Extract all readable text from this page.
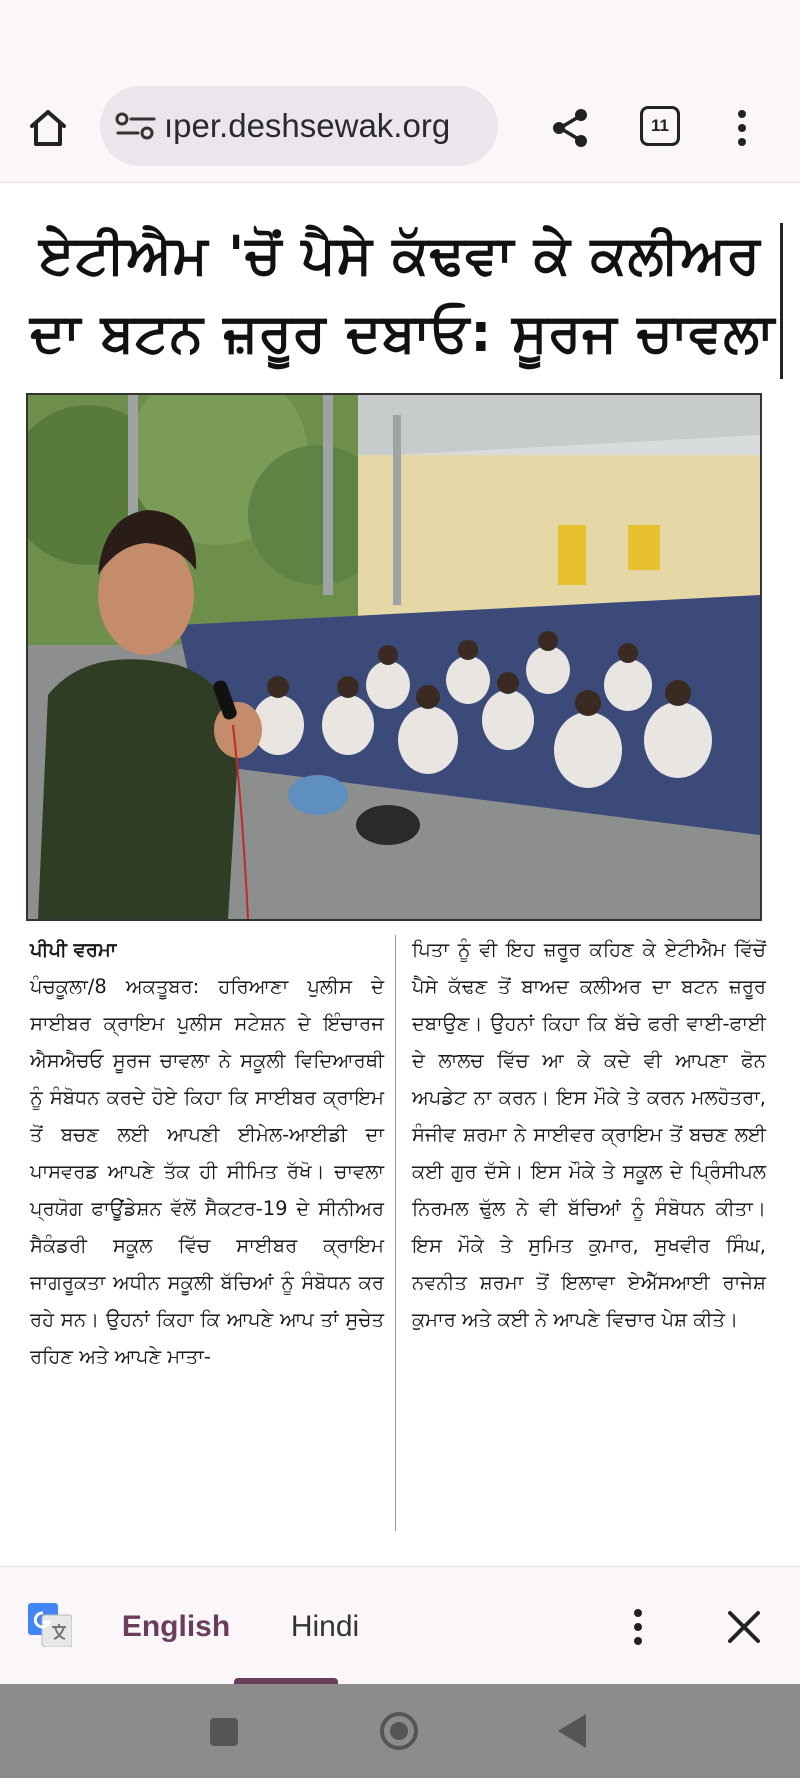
ıper.deshsewak.org	11
ਏਟੀਐਮ 'ਚੋਂ ਪੈਸੇ ਕੱਢਵਾ ਕੇ ਕਲੀਅਰ
ਦਾ ਬਟਨ ਜ਼ਰੂਰ ਦਬਾਓ: ਸੂਰਜ ਚਾਵਲਾ

ਪੀਪੀ ਵਰਮਾ

ਪੰਚਕੂਲਾ/8 ਅਕਤੂਬਰ: ਹਰਿਆਣਾ ਪੁਲੀਸ ਦੇ ਸਾਈਬਰ ਕ੍ਰਾਇਮ ਪੁਲੀਸ ਸਟੇਸ਼ਨ ਦੇ ਇੰਚਾਰਜ ਐਸਐਚਓ ਸੂਰਜ ਚਾਵਲਾ ਨੇ ਸਕੂਲੀ ਵਿਦਿਆਰਥੀ ਨੂੰ ਸੰਬੋਧਨ ਕਰਦੇ ਹੋਏ ਕਿਹਾ ਕਿ ਸਾਈਬਰ ਕ੍ਰਾਇਮ ਤੋਂ ਬਚਣ ਲਈ ਆਪਣੀ ਈਮੇਲ-ਆਈਡੀ ਦਾ ਪਾਸਵਰਡ ਆਪਣੇ ਤੱਕ ਹੀ ਸੀਮਿਤ ਰੱਖੋ। ਚਾਵਲਾ ਪ੍ਰਯੋਗ ਫਾਊਂਡੇਸ਼ਨ ਵੱਲੋਂ ਸੈਕਟਰ-19 ਦੇ ਸੀਨੀਅਰ ਸੈਕੰਡਰੀ ਸਕੂਲ ਵਿੱਚ ਸਾਈਬਰ ਕ੍ਰਾਇਮ ਜਾਗਰੂਕਤਾ ਅਧੀਨ ਸਕੂਲੀ ਬੱਚਿਆਂ ਨੂੰ ਸੰਬੋਧਨ ਕਰ ਰਹੇ ਸਨ। ਉਹਨਾਂ ਕਿਹਾ ਕਿ ਆਪਣੇ ਆਪ ਤਾਂ ਸੁਚੇਤ ਰਹਿਣ ਅਤੇ ਆਪਣੇ ਮਾਤਾ-

ਪਿਤਾ ਨੂੰ ਵੀ ਇਹ ਜ਼ਰੂਰ ਕਹਿਣ ਕੇ ਏਟੀਐਮ ਵਿੱਚੋਂ ਪੈਸੇ ਕੱਢਣ ਤੋਂ ਬਾਅਦ ਕਲੀਅਰ ਦਾ ਬਟਨ ਜ਼ਰੂਰ ਦਬਾਉਣ। ਉਹਨਾਂ ਕਿਹਾ ਕਿ ਬੱਚੇ ਫਰੀ ਵਾਈ-ਫਾਈ ਦੇ ਲਾਲਚ ਵਿੱਚ ਆ ਕੇ ਕਦੇ ਵੀ ਆਪਣਾ ਫੋਨ ਅਪਡੇਟ ਨਾ ਕਰਨ। ਇਸ ਮੌਕੇ ਤੇ ਕਰਨ ਮਲਹੋਤਰਾ, ਸੰਜੀਵ ਸ਼ਰਮਾ ਨੇ ਸਾਈਵਰ ਕ੍ਰਾਇਮ ਤੋਂ ਬਚਣ ਲਈ ਕਈ ਗੁਰ ਦੱਸੇ। ਇਸ ਮੌਕੇ ਤੇ ਸਕੂਲ ਦੇ ਪ੍ਰਿੰਸੀਪਲ ਨਿਰਮਲ ਢੁੱਲ ਨੇ ਵੀ ਬੱਚਿਆਂ ਨੂੰ ਸੰਬੋਧਨ ਕੀਤਾ। ਇਸ ਮੌਕੇ ਤੇ ਸੁਮਿਤ ਕੁਮਾਰ, ਸੁਖਵੀਰ ਸਿੰਘ, ਨਵਨੀਤ ਸ਼ਰਮਾ ਤੋਂ ਇਲਾਵਾ ਏਐੱਸਆਈ ਰਾਜੇਸ਼ ਕੁਮਾਰ ਅਤੇ ਕਈ ਨੇ ਆਪਣੇ ਵਿਚਾਰ ਪੇਸ਼ ਕੀਤੇ।

English	Hindi
